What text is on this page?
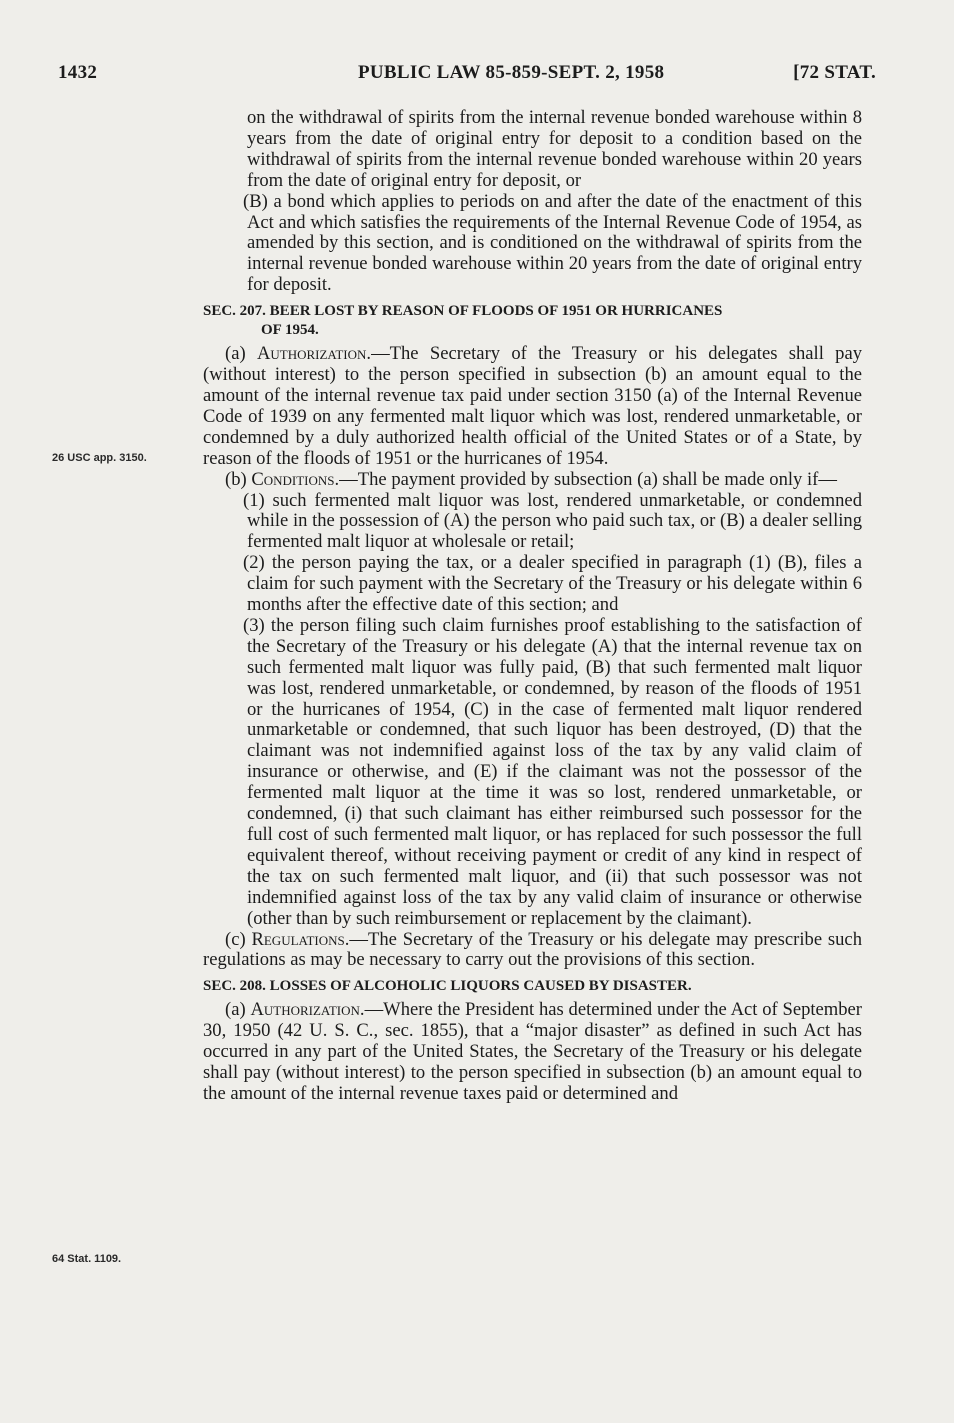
1432	PUBLIC LAW 85-859-SEPT. 2, 1958	[72 STAT.
26 USC app. 3150.
64 Stat. 1109.

on the withdrawal of spirits from the internal revenue bonded warehouse within 8 years from the date of original entry for deposit to a condition based on the withdrawal of spirits from the internal revenue bonded warehouse within 20 years from the date of original entry for deposit, or

(B) a bond which applies to periods on and after the date of the enactment of this Act and which satisfies the requirements of the Internal Revenue Code of 1954, as amended by this section, and is conditioned on the withdrawal of spirits from the internal revenue bonded warehouse within 20 years from the date of original entry for deposit.

SEC. 207. BEER LOST BY REASON OF FLOODS OF 1951 OR HURRICANES
OF 1954.

(a) Authorization.—The Secretary of the Treasury or his delegates shall pay (without interest) to the person specified in subsection (b) an amount equal to the amount of the internal revenue tax paid under section 3150 (a) of the Internal Revenue Code of 1939 on any fermented malt liquor which was lost, rendered unmarketable, or condemned by a duly authorized health official of the United States or of a State, by reason of the floods of 1951 or the hurricanes of 1954.

(b) Conditions.—The payment provided by subsection (a) shall be made only if—

(1) such fermented malt liquor was lost, rendered unmarketable, or condemned while in the possession of (A) the person who paid such tax, or (B) a dealer selling fermented malt liquor at wholesale or retail;

(2) the person paying the tax, or a dealer specified in paragraph (1) (B), files a claim for such payment with the Secretary of the Treasury or his delegate within 6 months after the effective date of this section; and

(3) the person filing such claim furnishes proof establishing to the satisfaction of the Secretary of the Treasury or his delegate (A) that the internal revenue tax on such fermented malt liquor was fully paid, (B) that such fermented malt liquor was lost, rendered unmarketable, or condemned, by reason of the floods of 1951 or the hurricanes of 1954, (C) in the case of fermented malt liquor rendered unmarketable or condemned, that such liquor has been destroyed, (D) that the claimant was not indemnified against loss of the tax by any valid claim of insurance or otherwise, and (E) if the claimant was not the possessor of the fermented malt liquor at the time it was so lost, rendered unmarketable, or condemned, (i) that such claimant has either reimbursed such possessor for the full cost of such fermented malt liquor, or has replaced for such possessor the full equivalent thereof, without receiving payment or credit of any kind in respect of the tax on such fermented malt liquor, and (ii) that such possessor was not indemnified against loss of the tax by any valid claim of insurance or otherwise (other than by such reimbursement or replacement by the claimant).

(c) Regulations.—The Secretary of the Treasury or his delegate may prescribe such regulations as may be necessary to carry out the provisions of this section.

SEC. 208. LOSSES OF ALCOHOLIC LIQUORS CAUSED BY DISASTER.

(a) Authorization.—Where the President has determined under the Act of September 30, 1950 (42 U. S. C., sec. 1855), that a “major disaster” as defined in such Act has occurred in any part of the United States, the Secretary of the Treasury or his delegate shall pay (without interest) to the person specified in subsection (b) an amount equal to the amount of the internal revenue taxes paid or determined and
